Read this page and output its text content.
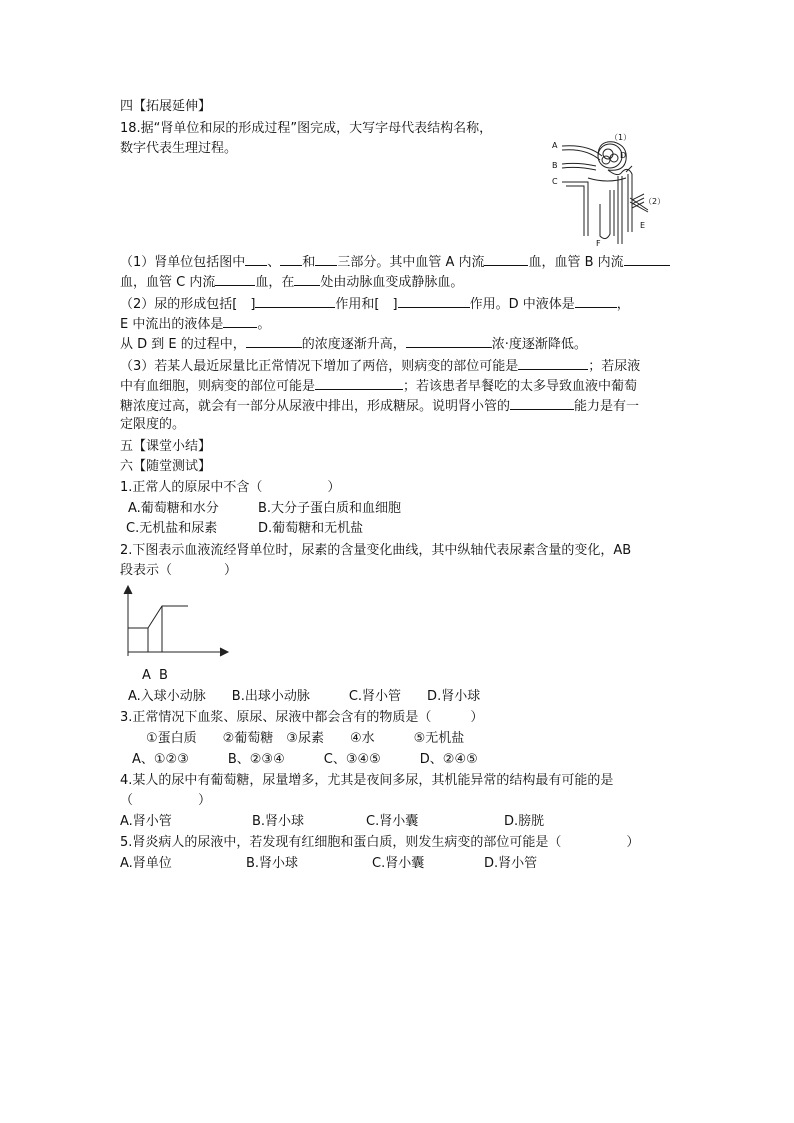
四【拓展延伸】
18.据“肾单位和尿的形成过程”图完成，大写字母代表结构名称，
数字代表生理过程。
（1）
（2）
A
B
C
D
E
F
（1）肾单位包括图中 、 和 三部分。其中血管 A 内流	血，血管 B 内流
血，血管 C 内流	血，在 处由动脉血变成静脉血。
（2）尿的形成包括[　]	作用和[　]	作用。D 中液体是	，
E 中流出的液体是	。
从 D 到 E 的过程中，	的浓度逐渐升高，	浓·度逐渐降低。
（3）若某人最近尿量比正常情况下增加了两倍，则病变的部位可能是	；若尿液
中有血细胞，则病变的部位可能是	；若该患者早餐吃的太多导致血液中葡萄
糖浓度过高，就会有一部分从尿液中排出，形成糖尿。说明肾小管的	能力是有一
定限度的。
五【课堂小结】
六【随堂测试】
1.正常人的原尿中不含（　　　　　）
A.葡萄糖和水分	B.大分子蛋白质和血细胞
C.无机盐和尿素	D.葡萄糖和无机盐
2.下图表示血液流经肾单位时，尿素的含量变化曲线，其中纵轴代表尿素含量的变化，AB
段表示（　　　　）
A B
A.入球小动脉　　B.出球小动脉　　　C.肾小管　　D.肾小球
3.正常情况下血浆、原尿、尿液中都会含有的物质是（　　　）
①蛋白质　　②葡萄糖　③尿素　　④水　　　⑤无机盐
A、①②③　　　B、②③④　　　C、③④⑤　　　D、②④⑤
4.某人的尿中有葡萄糖，尿量增多，尤其是夜间多尿，其机能异常的结构最有可能的是
（　　　　　）
A.肾小管	B.肾小球	C.肾小囊	D.膀胱
5.肾炎病人的尿液中，若发现有红细胞和蛋白质，则发生病变的部位可能是（　　　　　）
A.肾单位	B.肾小球	C.肾小囊	D.肾小管
